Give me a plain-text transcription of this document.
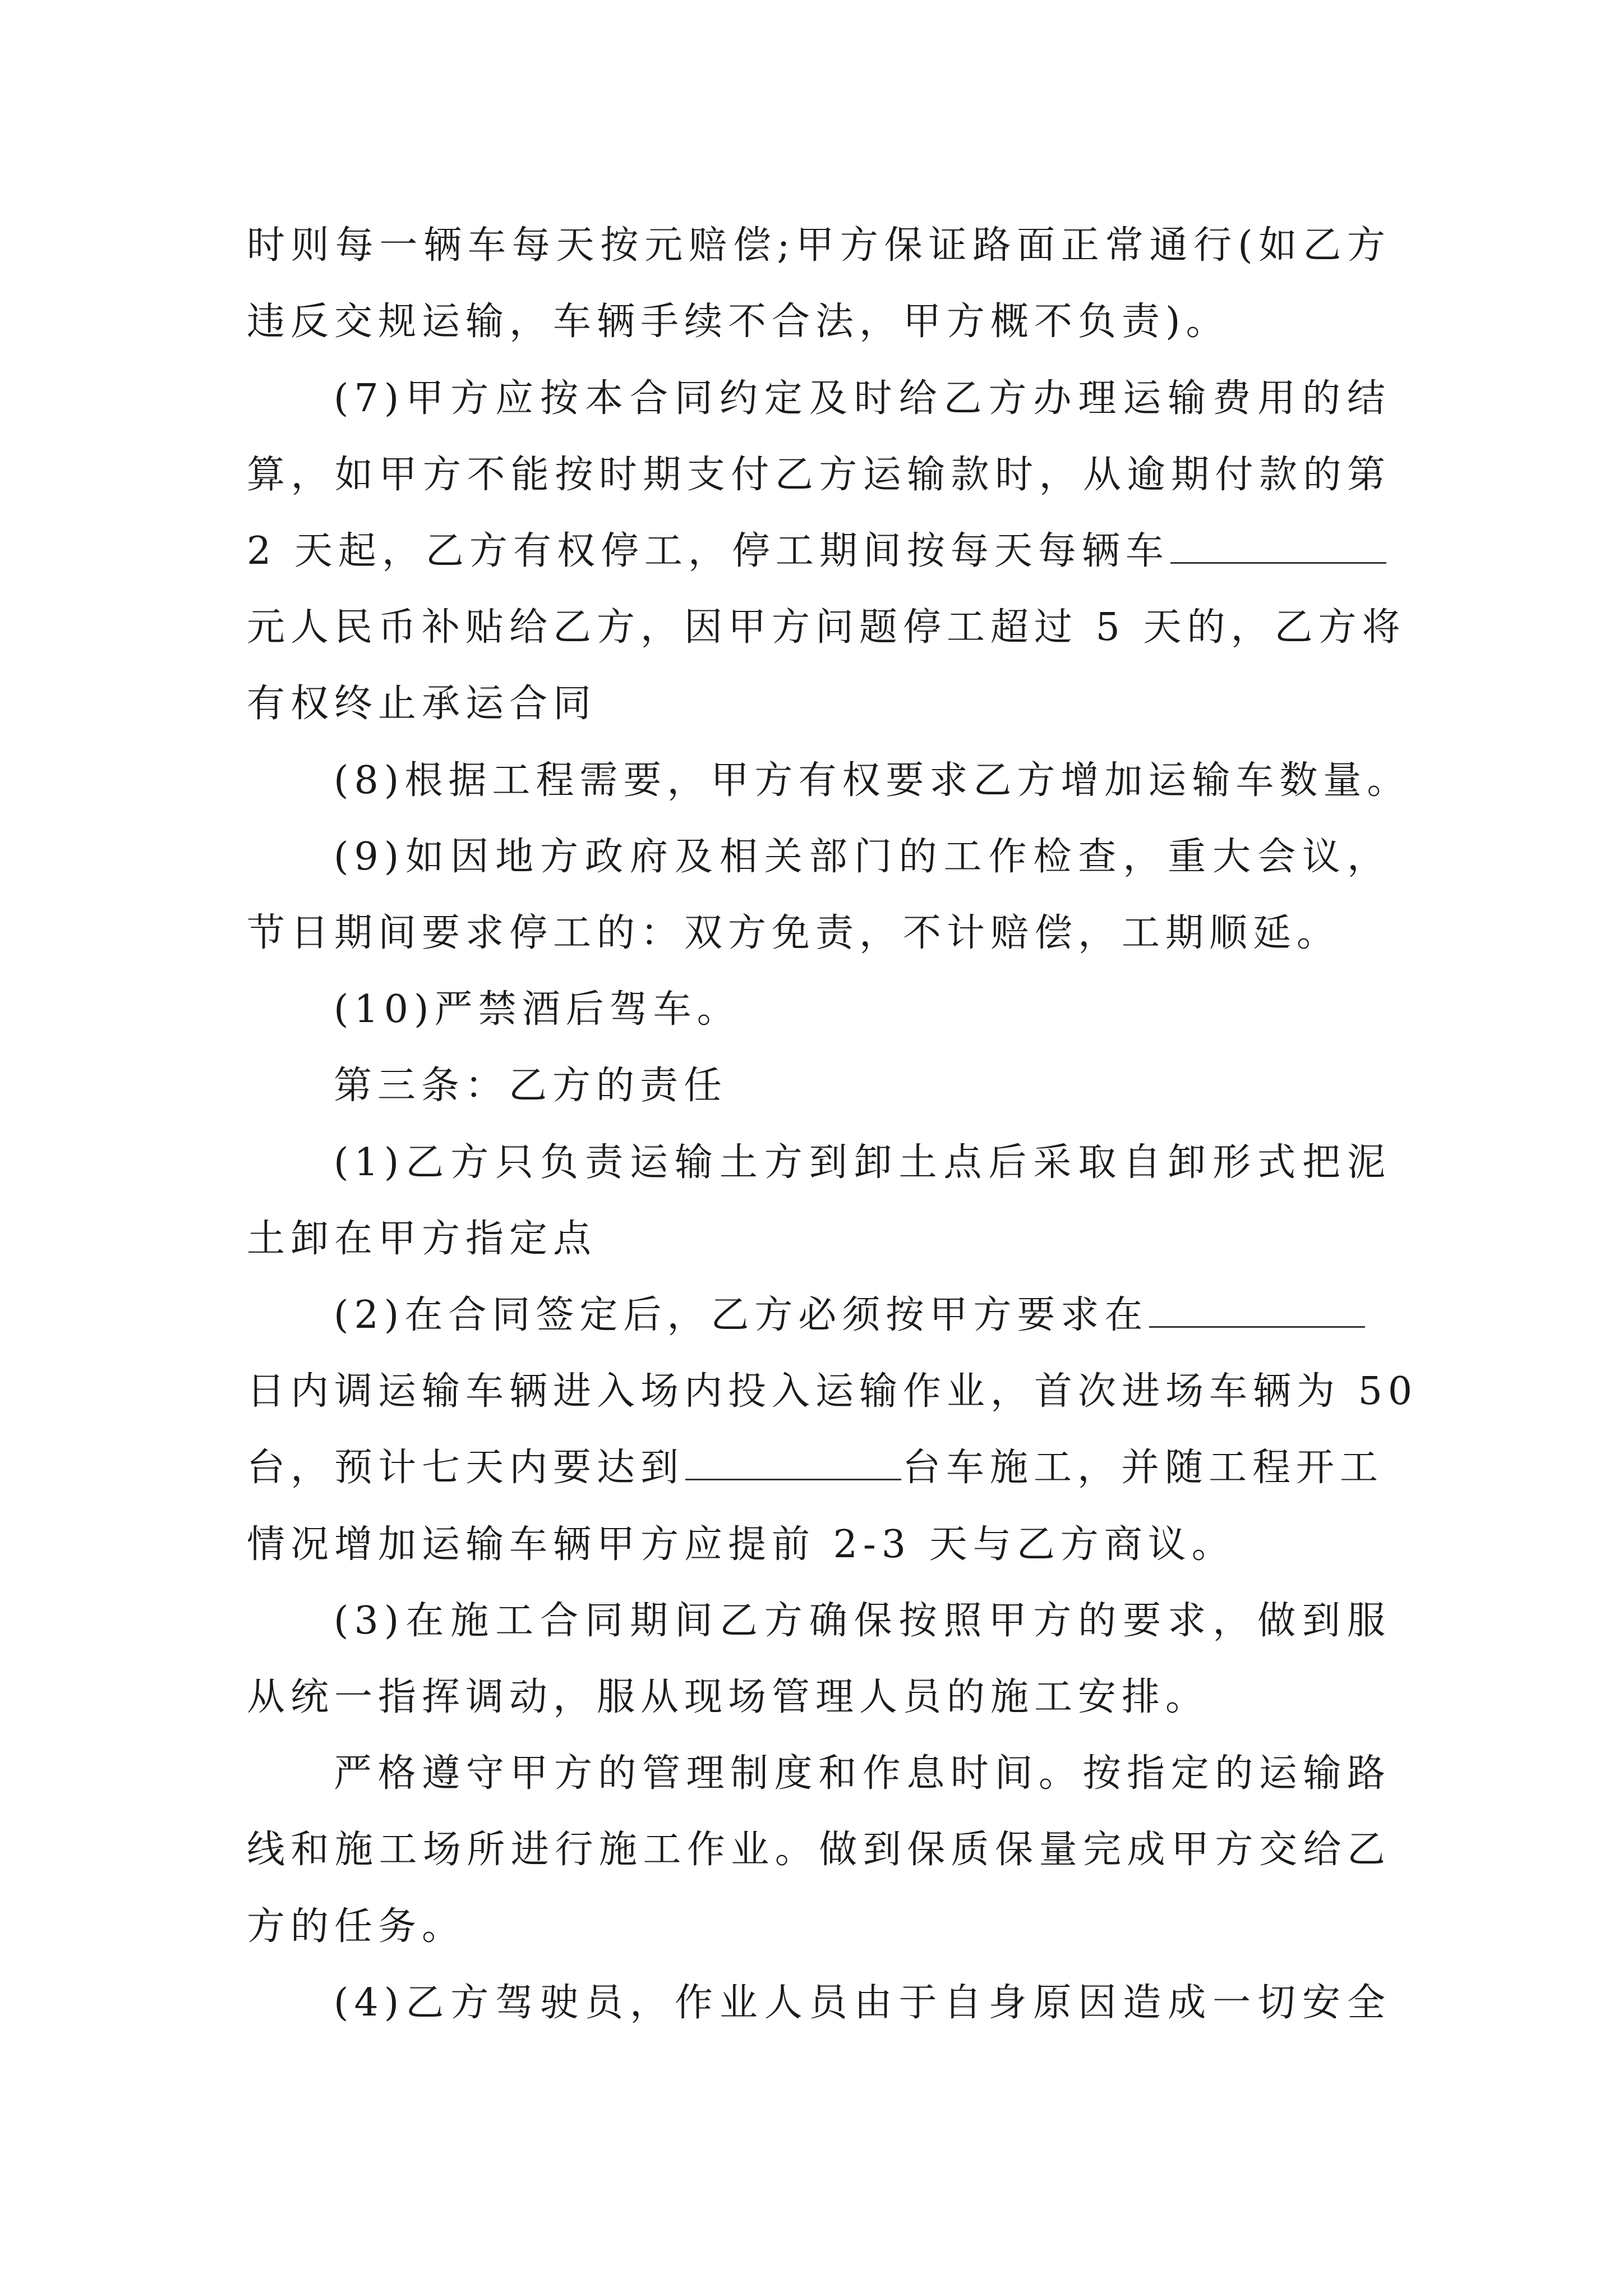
时则每一辆车每天按元赔偿;甲方保证路面正常通行(如乙方
违反交规运输，车辆手续不合法，甲方概不负责)。
(7)甲方应按本合同约定及时给乙方办理运输费用的结
算，如甲方不能按时期支付乙方运输款时，从逾期付款的第
2 天起，乙方有权停工，停工期间按每天每辆车
元人民币补贴给乙方，因甲方问题停工超过 5 天的，乙方将
有权终止承运合同
(8)根据工程需要，甲方有权要求乙方增加运输车数量。
(9)如因地方政府及相关部门的工作检查，重大会议，
节日期间要求停工的：双方免责，不计赔偿，工期顺延。
(10)严禁酒后驾车。
第三条：乙方的责任
(1)乙方只负责运输土方到卸土点后采取自卸形式把泥
土卸在甲方指定点
(2)在合同签定后，乙方必须按甲方要求在
日内调运输车辆进入场内投入运输作业，首次进场车辆为 50
台，预计七天内要达到	台车施工，并随工程开工
情况增加运输车辆甲方应提前 2-3 天与乙方商议。
(3)在施工合同期间乙方确保按照甲方的要求，做到服
从统一指挥调动，服从现场管理人员的施工安排。
严格遵守甲方的管理制度和作息时间。按指定的运输路
线和施工场所进行施工作业。做到保质保量完成甲方交给乙
方的任务。
(4)乙方驾驶员，作业人员由于自身原因造成一切安全
